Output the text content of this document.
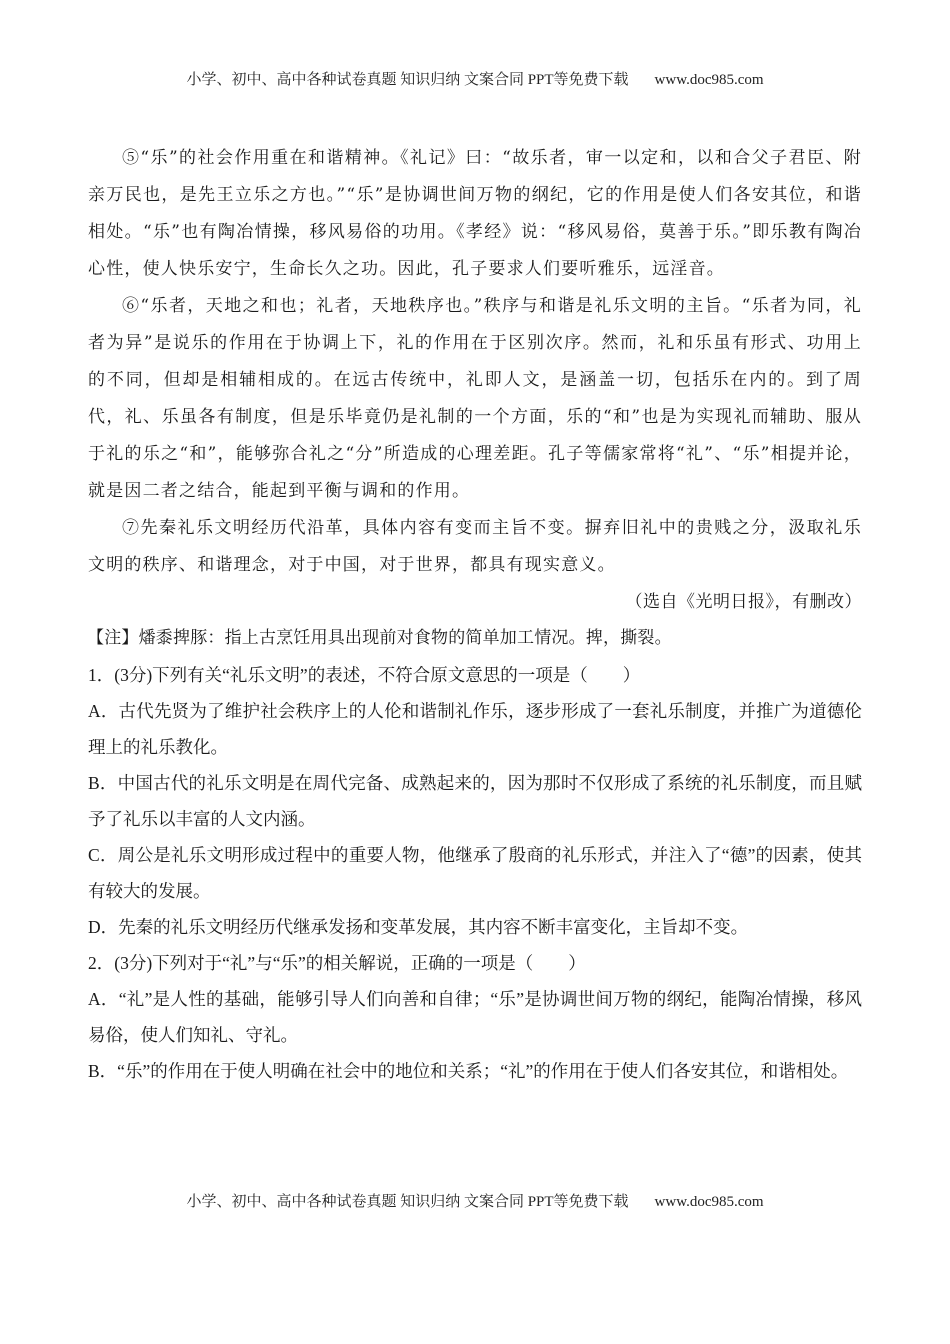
小学、初中、高中各种试卷真题 知识归纳 文案合同 PPT等免费下载 www.doc985.com

⑤“乐”的社会作用重在和谐精神。《礼记》曰：“故乐者，审一以定和，以和合父子君臣、附亲万民也，是先王立乐之方也。”“乐”是协调世间万物的纲纪，它的作用是使人们各安其位，和谐相处。“乐”也有陶冶情操，移风易俗的功用。《孝经》说：“移风易俗，莫善于乐。”即乐教有陶冶心性，使人快乐安宁，生命长久之功。因此，孔子要求人们要听雅乐，远淫音。

⑥“乐者，天地之和也；礼者，天地秩序也。”秩序与和谐是礼乐文明的主旨。“乐者为同，礼者为异”是说乐的作用在于协调上下，礼的作用在于区别次序。然而，礼和乐虽有形式、功用上的不同，但却是相辅相成的。在远古传统中，礼即人文，是涵盖一切，包括乐在内的。到了周代，礼、乐虽各有制度，但是乐毕竟仍是礼制的一个方面，乐的“和”也是为实现礼而辅助、服从于礼的乐之“和”，能够弥合礼之“分”所造成的心理差距。孔子等儒家常将“礼”、“乐”相提并论，就是因二者之结合，能起到平衡与调和的作用。

⑦先秦礼乐文明经历代沿革，具体内容有变而主旨不变。摒弃旧礼中的贵贱之分，汲取礼乐文明的秩序、和谐理念，对于中国，对于世界，都具有现实意义。

（选自《光明日报》，有删改）

【注】燔黍捭豚：指上古烹饪用具出现前对食物的简单加工情况。捭，撕裂。

1．(3分)下列有关“礼乐文明”的表述，不符合原文意思的一项是（　　）

A．古代先贤为了维护社会秩序上的人伦和谐制礼作乐，逐步形成了一套礼乐制度，并推广为道德伦理上的礼乐教化。

B．中国古代的礼乐文明是在周代完备、成熟起来的，因为那时不仅形成了系统的礼乐制度，而且赋予了礼乐以丰富的人文内涵。

C．周公是礼乐文明形成过程中的重要人物，他继承了殷商的礼乐形式，并注入了“德”的因素，使其有较大的发展。

D．先秦的礼乐文明经历代继承发扬和变革发展，其内容不断丰富变化，主旨却不变。

2．(3分)下列对于“礼”与“乐”的相关解说，正确的一项是（　　）

A．“礼”是人性的基础，能够引导人们向善和自律；“乐”是协调世间万物的纲纪，能陶冶情操，移风易俗，使人们知礼、守礼。

B．“乐”的作用在于使人明确在社会中的地位和关系；“礼”的作用在于使人们各安其位，和谐相处。

小学、初中、高中各种试卷真题 知识归纳 文案合同 PPT等免费下载 www.doc985.com
